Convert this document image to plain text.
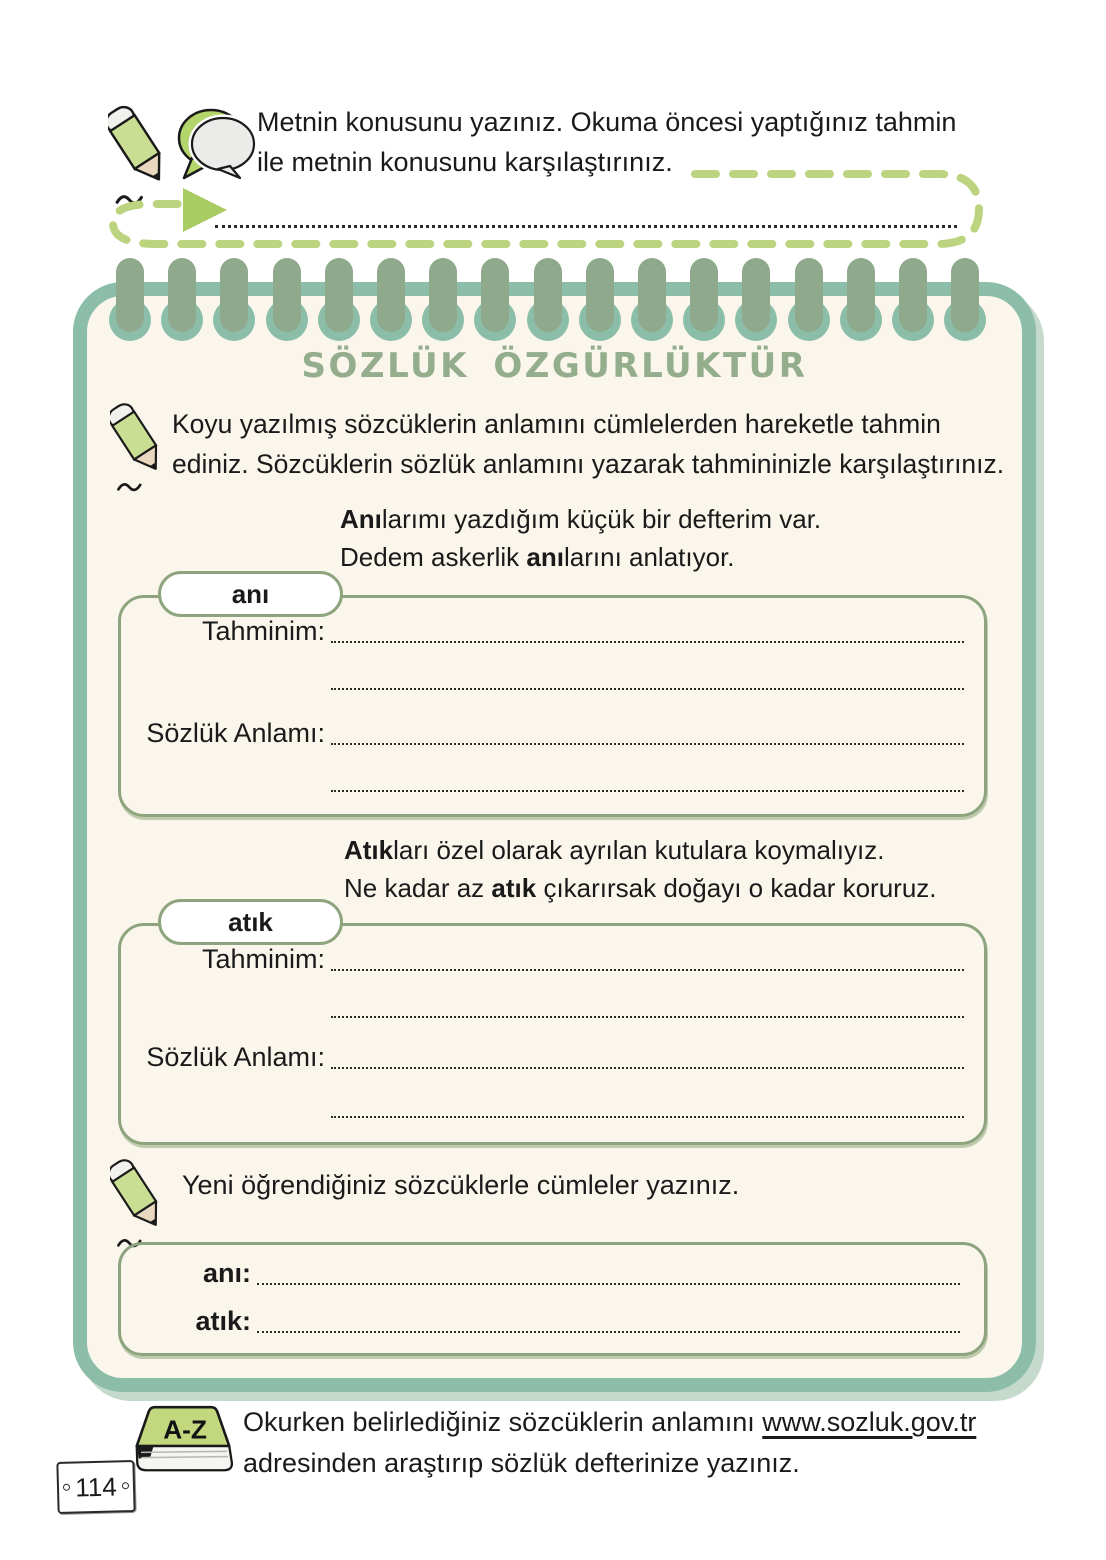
Metnin konusunu yazınız. Okuma öncesi yaptığınız tahmin
ile metnin konusunu karşılaştırınız.
SÖZLÜK ÖZGÜRLÜKTÜR
Koyu yazılmış sözcüklerin anlamını cümlelerden hareketle tahmin
ediniz. Sözcüklerin sözlük anlamını yazarak tahmininizle karşılaştırınız.
Anılarımı yazdığım küçük bir defterim var.
Dedem askerlik anılarını anlatıyor.
anı
Tahminim:
Sözlük Anlamı:
Atıkları özel olarak ayrılan kutulara koymalıyız.
Ne kadar az atık çıkarırsak doğayı o kadar koruruz.
atık
Tahminim:
Sözlük Anlamı:
Yeni öğrendiğiniz sözcüklerle cümleler yazınız.
anı:
atık:
A-Z Okurken belirlediğiniz sözcüklerin anlamını www.sozluk.gov.tr
adresinden araştırıp sözlük defterinize yazınız.
114
